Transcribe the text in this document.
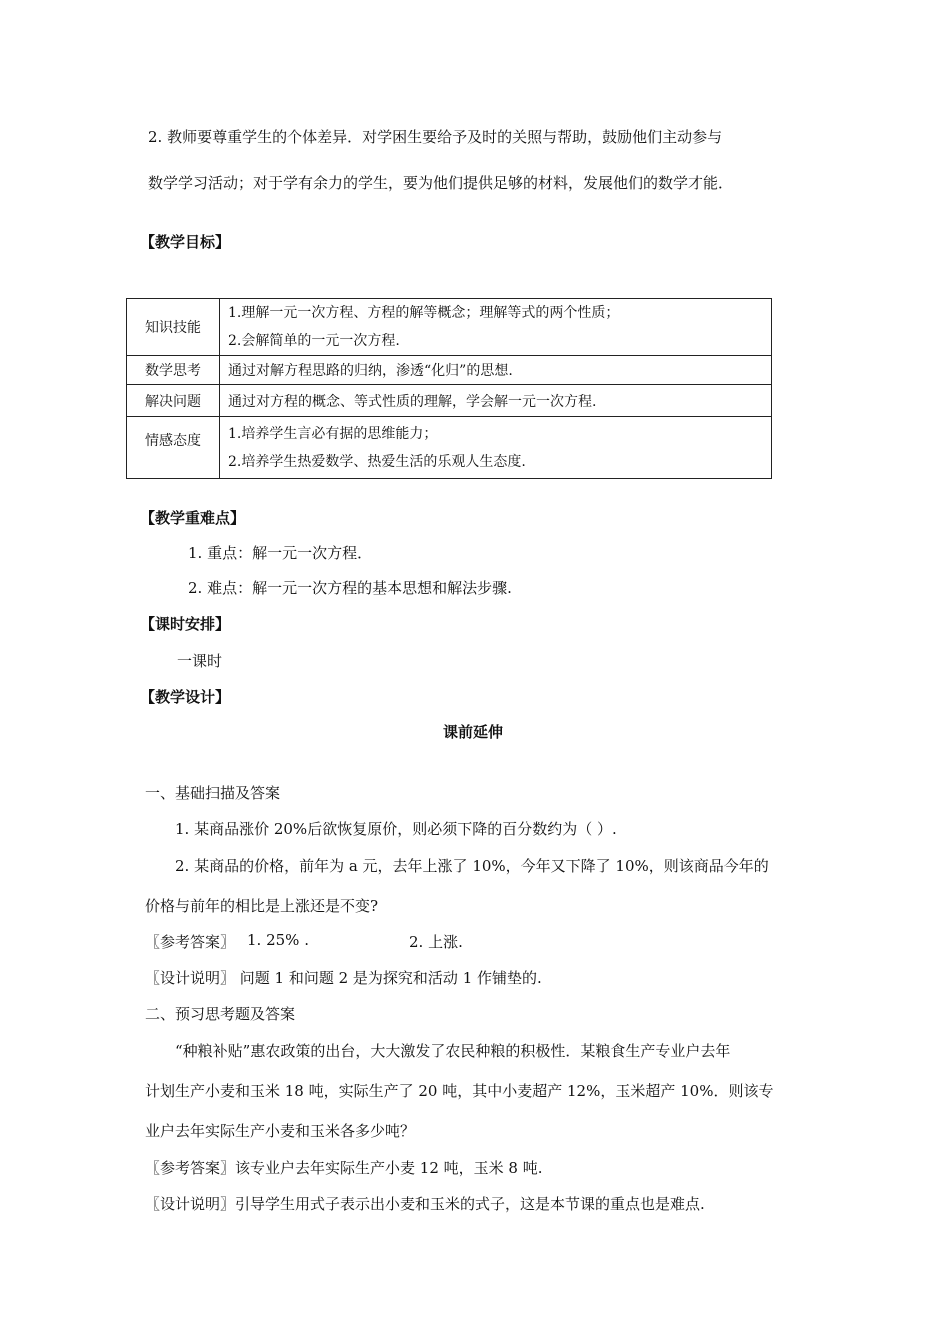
2. 教师要尊重学生的个体差异．对学困生要给予及时的关照与帮助，鼓励他们主动参与
数学学习活动；对于学有余力的学生，要为他们提供足够的材料，发展他们的数学才能．
【教学目标】
知识技能	1.理解一元一次方程、方程的解等概念；理解等式的两个性质；
2.会解简单的一元一次方程.

数学思考	通过对解方程思路的归纳，渗透“化归”的思想.
解决问题	通过对方程的概念、等式性质的理解，学会解一元一次方程.
情感态度	1.培养学生言必有据的思维能力；
2.培养学生热爱数学、热爱生活的乐观人生态度.
【教学重难点】
1. 重点：解一元一次方程．
2. 难点：解一元一次方程的基本思想和解法步骤.
【课时安排】
一课时
【教学设计】
课前延伸
一、基础扫描及答案
1. 某商品涨价 20%后欲恢复原价，则必须下降的百分数约为（ ）.
2. 某商品的价格，前年为 a 元，去年上涨了 10%，今年又下降了 10%，则该商品今年的
价格与前年的相比是上涨还是不变?
〖参考答案〗 1. 25% .	2. 上涨.
〖设计说明〗 问题 1 和问题 2 是为探究和活动 1 作铺垫的.
二、预习思考题及答案
“种粮补贴”惠农政策的出台，大大激发了农民种粮的积极性．某粮食生产专业户去年
计划生产小麦和玉米 18 吨，实际生产了 20 吨，其中小麦超产 12%，玉米超产 10%．则该专
业户去年实际生产小麦和玉米各多少吨？
〖参考答案〗该专业户去年实际生产小麦 12 吨，玉米 8 吨.
〖设计说明〗引导学生用式子表示出小麦和玉米的式子，这是本节课的重点也是难点.
